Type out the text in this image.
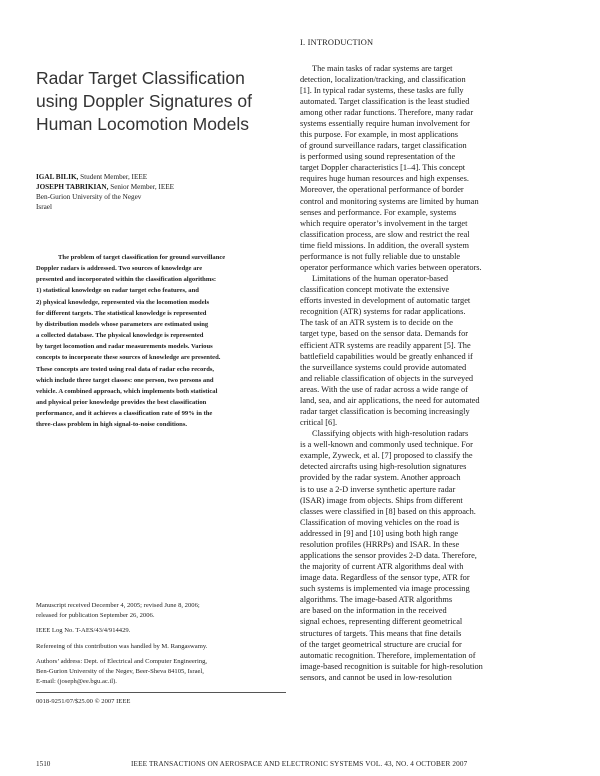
Radar Target Classification
using Doppler Signatures of
Human Locomotion Models
IGAL BILIK, Student Member, IEEE
JOSEPH TABRIKIAN, Senior Member, IEEE
Ben-Gurion University of the Negev
Israel
The problem of target classification for ground surveillance
Doppler radars is addressed. Two sources of knowledge are
presented and incorporated within the classification algorithms:
1) statistical knowledge on radar target echo features, and
2) physical knowledge, represented via the locomotion models
for different targets. The statistical knowledge is represented
by distribution models whose parameters are estimated using
a collected database. The physical knowledge is represented
by target locomotion and radar measurements models. Various
concepts to incorporate these sources of knowledge are presented.
These concepts are tested using real data of radar echo records,
which include three target classes: one person, two persons and
vehicle. A combined approach, which implements both statistical
and physical prior knowledge provides the best classification
performance, and it achieves a classification rate of 99% in the
three-class problem in high signal-to-noise conditions.

Manuscript received December 4, 2005; revised June 8, 2006;
released for publication September 26, 2006.

IEEE Log No. T-AES/43/4/914429.

Refereeing of this contribution was handled by M. Rangaswamy.

Authors’ address: Dept. of Electrical and Computer Engineering,
Ben-Gurion University of the Negev, Beer-Sheva 84105, Israel,
E-mail: (joseph@ee.bgu.ac.il).

0018-9251/07/$25.00 © 2007 IEEE
I. INTRODUCTION
The main tasks of radar systems are target
detection, localization/tracking, and classification
[1]. In typical radar systems, these tasks are fully
automated. Target classification is the least studied
among other radar functions. Therefore, many radar
systems essentially require human involvement for
this purpose. For example, in most applications
of ground surveillance radars, target classification
is performed using sound representation of the
target Doppler characteristics [1–4]. This concept
requires huge human resources and high expenses.
Moreover, the operational performance of border
control and monitoring systems are limited by human
senses and performance. For example, systems
which require operator’s involvement in the target
classification process, are slow and restrict the real
time field missions. In addition, the overall system
performance is not fully reliable due to unstable
operator performance which varies between operators.
Limitations of the human operator-based
classification concept motivate the extensive
efforts invested in development of automatic target
recognition (ATR) systems for radar applications.
The task of an ATR system is to decide on the
target type, based on the sensor data. Demands for
efficient ATR systems are readily apparent [5]. The
battlefield capabilities would be greatly enhanced if
the surveillance systems could provide automated
and reliable classification of objects in the surveyed
areas. With the use of radar across a wide range of
land, sea, and air applications, the need for automated
radar target classification is becoming increasingly
critical [6].
Classifying objects with high-resolution radars
is a well-known and commonly used technique. For
example, Zyweck, et al. [7] proposed to classify the
detected aircrafts using high-resolution signatures
provided by the radar system. Another approach
is to use a 2-D inverse synthetic aperture radar
(ISAR) image from objects. Ships from different
classes were classified in [8] based on this approach.
Classification of moving vehicles on the road is
addressed in [9] and [10] using both high range
resolution profiles (HRRPs) and ISAR. In these
applications the sensor provides 2-D data. Therefore,
the majority of current ATR algorithms deal with
image data. Regardless of the sensor type, ATR for
such systems is implemented via image processing
algorithms. The image-based ATR algorithms
are based on the information in the received
signal echoes, representing different geometrical
structures of targets. This means that fine details
of the target geometrical structure are crucial for
automatic recognition. Therefore, implementation of
image-based recognition is suitable for high-resolution
sensors, and cannot be used in low-resolution
1510	IEEE TRANSACTIONS ON AEROSPACE AND ELECTRONIC SYSTEMS VOL. 43, NO. 4 OCTOBER 2007
